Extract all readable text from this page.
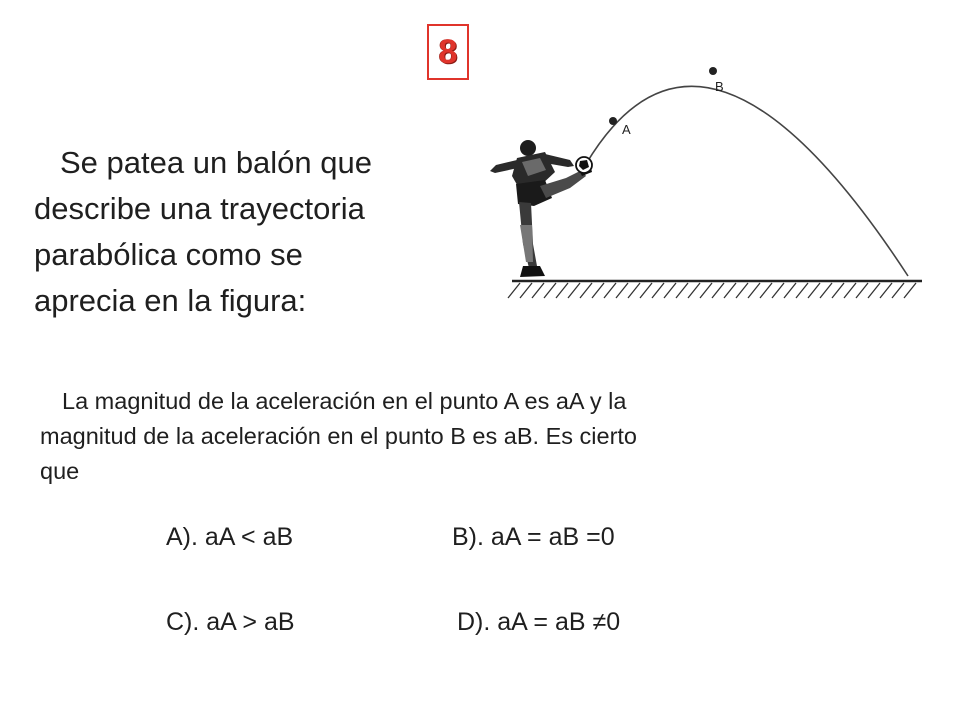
8
Se patea un balón que
describe una trayectoria
parabólica como se
aprecia en la figura:
A
B
La magnitud de la aceleración en el punto A es aA y la
magnitud de la aceleración en el punto B es aB. Es cierto
que
A). aA < aB	B). aA = aB =0
C). aA > aB	D). aA = aB ≠0
